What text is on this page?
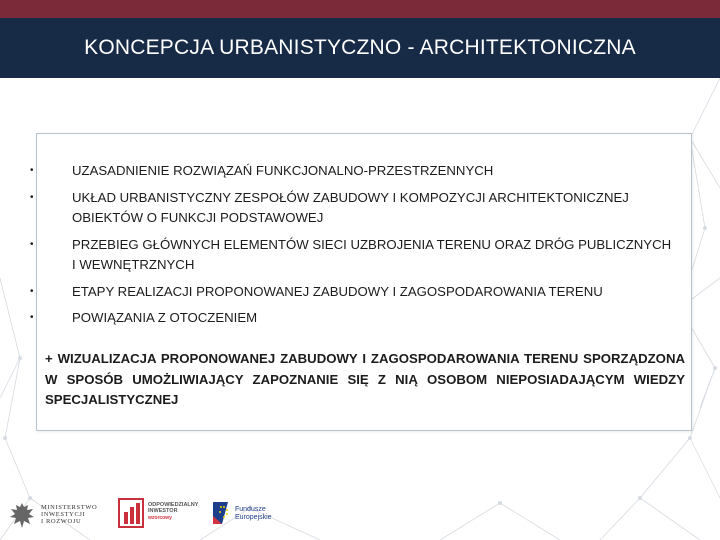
KONCEPCJA URBANISTYCZNO - ARCHITEKTONICZNA
•	UZASADNIENIE ROZWIĄZAŃ FUNKCJONALNO-PRZESTRZENNYCH
•	UKŁAD URBANISTYCZNY ZESPOŁÓW ZABUDOWY I KOMPOZYCJI ARCHITEKTONICZNEJ OBIEKTÓW O FUNKCJI PODSTAWOWEJ
•	PRZEBIEG GŁÓWNYCH ELEMENTÓW SIECI UZBROJENIA TERENU ORAZ DRÓG PUBLICZNYCH I WEWNĘTRZNYCH
•	ETAPY REALIZACJI PROPONOWANEJ ZABUDOWY I ZAGOSPODAROWANIA TERENU
•	POWIĄZANIA Z OTOCZENIEM
+ WIZUALIZACJA PROPONOWANEJ ZABUDOWY I ZAGOSPODAROWANIA TERENU SPORZĄDZONA W SPOSÓB UMOŻLIWIAJĄCY ZAPOZNANIE SIĘ Z NIĄ OSOBOM NIEPOSIADAJĄCYM WIEDZY SPECJALISTYCZNEJ
MINISTERSTWO
INWESTYCJI
I ROZWOJU
ODPOWIEDZIALNY
INWESTOR
wzorcowy
Fundusze
Europejskie
